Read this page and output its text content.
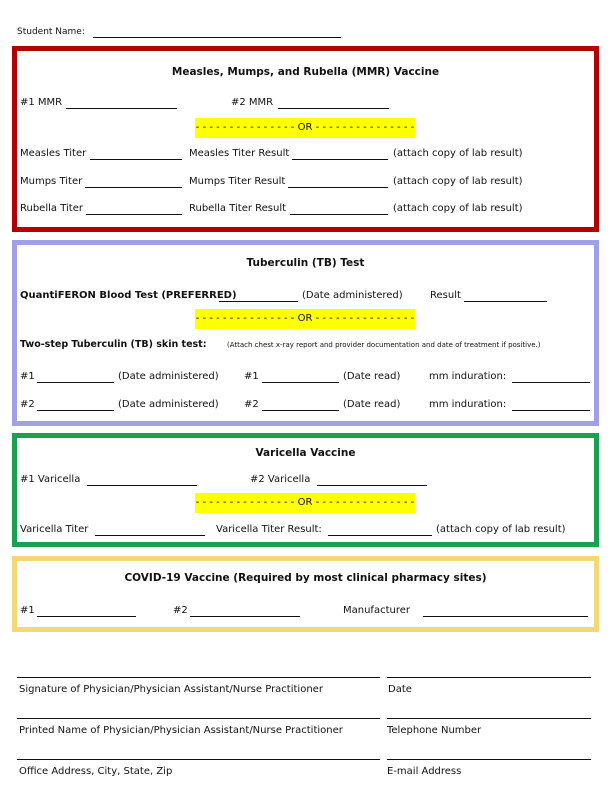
Student Name:
Measles, Mumps, and Rubella (MMR) Vaccine
#1 MMR	#2 MMR
- - - - - - - - - - - - - - - OR - - - - - - - - - - - - - - -
Measles Titer	Measles Titer Result	(attach copy of lab result)
Mumps Titer	Mumps Titer Result	(attach copy of lab result)
Rubella Titer	Rubella Titer Result	(attach copy of lab result)
Tuberculin (TB) Test
QuantiFERON Blood Test (PREFERRED)	(Date administered)	Result
- - - - - - - - - - - - - - - OR - - - - - - - - - - - - - - -
Two-step Tuberculin (TB) skin test:	(Attach chest x-ray report and provider documentation and date of treatment if positive.)
#1	(Date administered)	#1	(Date read)	mm induration:
#2	(Date administered)	#2	(Date read)	mm induration:
Varicella Vaccine
#1 Varicella	#2 Varicella
- - - - - - - - - - - - - - - OR - - - - - - - - - - - - - - -
Varicella Titer	Varicella Titer Result:	(attach copy of lab result)
COVID-19 Vaccine (Required by most clinical pharmacy sites)
#1	#2	Manufacturer
Signature of Physician/Physician Assistant/Nurse Practitioner	Date
Printed Name of Physician/Physician Assistant/Nurse Practitioner	Telephone Number
Office Address, City, State, Zip	E-mail Address
